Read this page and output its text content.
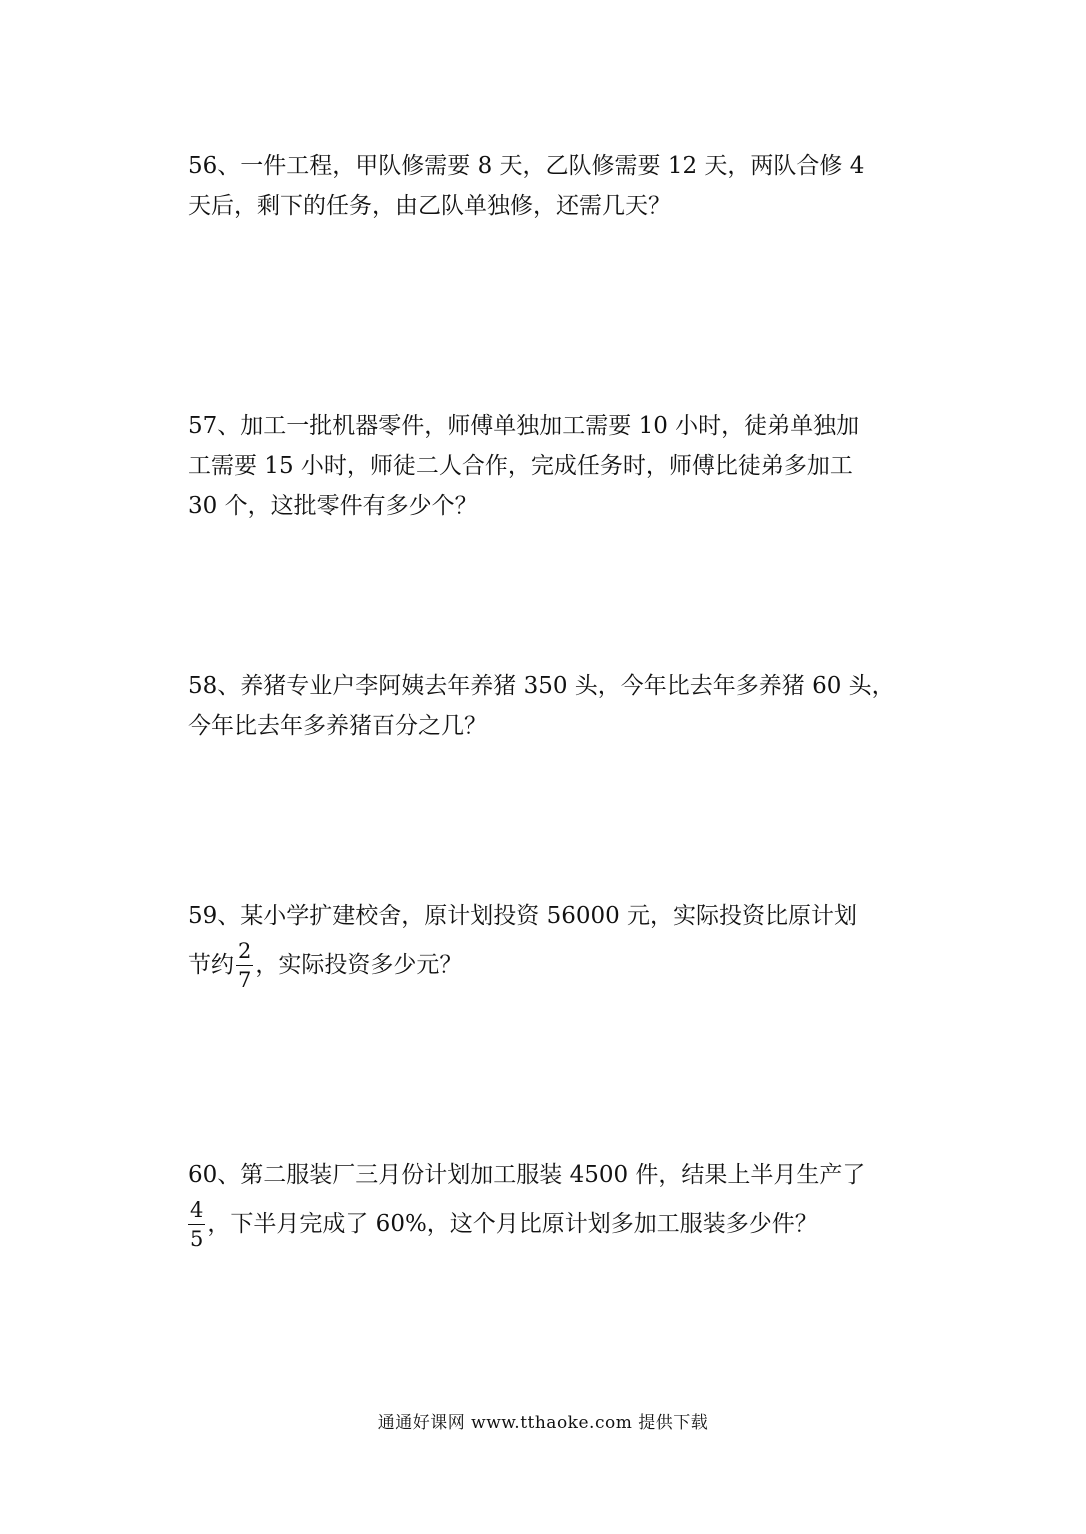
56、一件工程，甲队修需要 8 天，乙队修需要 12 天，两队合修 4
天后，剩下的任务，由乙队单独修，还需几天？
57、加工一批机器零件，师傅单独加工需要 10 小时，徒弟单独加
工需要 15 小时，师徒二人合作，完成任务时，师傅比徒弟多加工
30 个，这批零件有多少个？
58、养猪专业户李阿姨去年养猪 350 头，今年比去年多养猪 60 头，
今年比去年多养猪百分之几？
59、某小学扩建校舍，原计划投资 56000 元，实际投资比原计划
节约 $\frac{2}{7}$ ，实际投资多少元？
60、第二服装厂三月份计划加工服装 4500 件，结果上半月生产了
$\frac{4}{5}$ ，下半月完成了 60%，这个月比原计划多加工服装多少件？
通通好课网 www.tthaoke.com 提供下载
